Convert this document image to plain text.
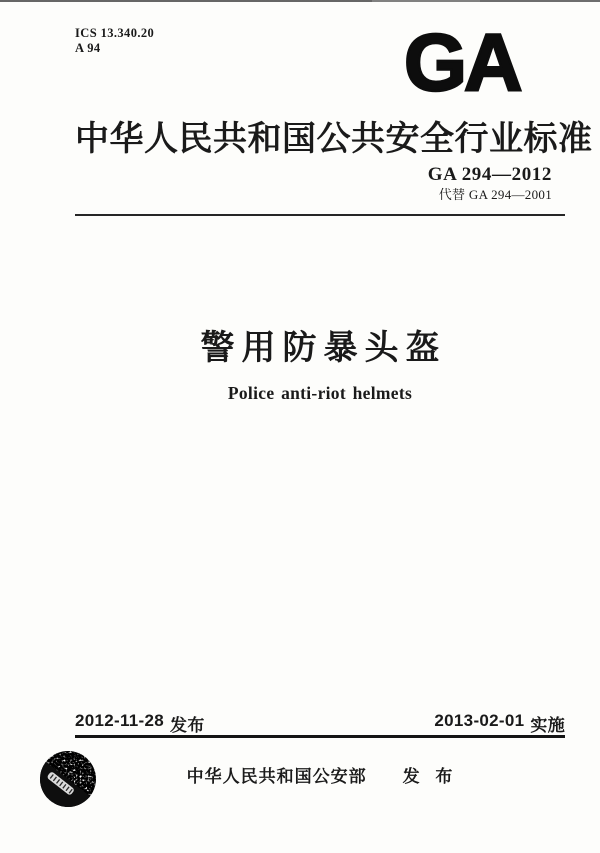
ICS 13.340.20
A 94	GA
中华人民共和国公共安全行业标准
GA 294—2012
代替 GA 294—2001
警用防暴头盔
Police anti-riot helmets
2012-11-28 发布	2013-02-01 实施
中华人民共和国公安部 发 布
